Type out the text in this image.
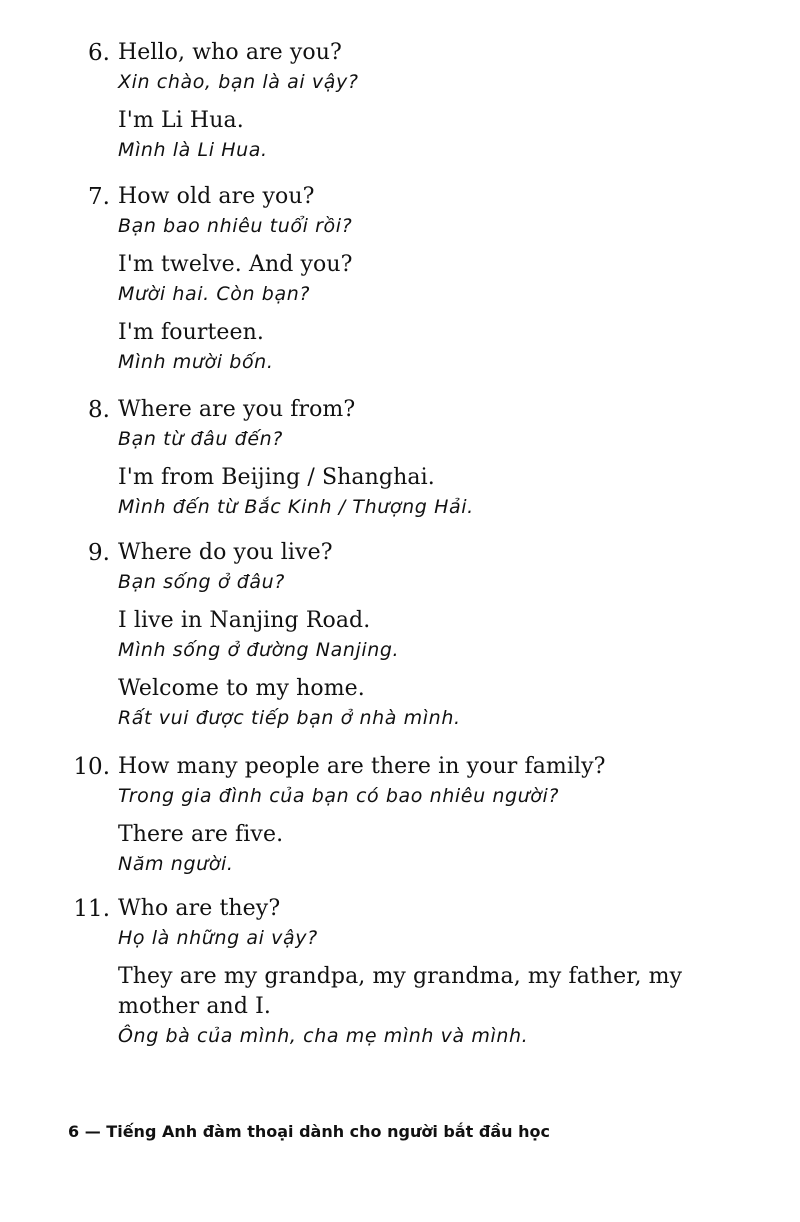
6. Hello, who are you?

Xin chào, bạn là ai vậy?

I'm Li Hua.

Mình là Li Hua.

7. How old are you?

Bạn bao nhiêu tuổi rồi?

I'm twelve. And you?

Mười hai. Còn bạn?

I'm fourteen.

Mình mười bốn.

8. Where are you from?

Bạn từ đâu đến?

I'm from Beijing / Shanghai.

Mình đến từ Bắc Kinh / Thượng Hải.

9. Where do you live?

Bạn sống ở đâu?

I live in Nanjing Road.

Mình sống ở đường Nanjing.

Welcome to my home.

Rất vui được tiếp bạn ở nhà mình.

10. How many people are there in your family?

Trong gia đình của bạn có bao nhiêu người?

There are five.

Năm người.

11. Who are they?

Họ là những ai vậy?

They are my grandpa, my grandma, my father, my mother and I.

Ông bà của mình, cha mẹ mình và mình.

6 — Tiếng Anh đàm thoại dành cho người bắt đầu học
